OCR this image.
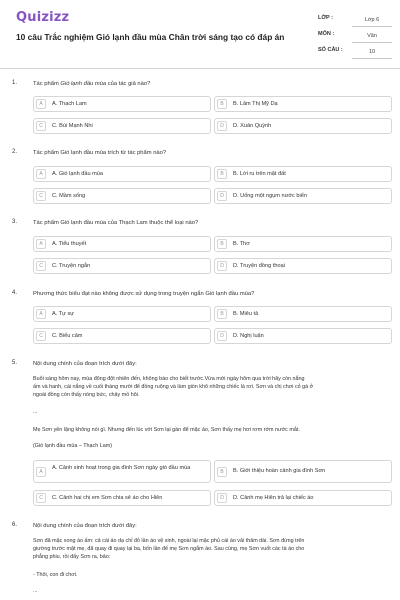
Quizizz
10 câu Trắc nghiệm Gió lạnh đầu mùa Chân trời sáng tạo có đáp án
LỚP :	Lớp 6
MÔN :	Văn
SỐ CÂU :	10
1.	Tác phẩm Gió lạnh đầu mùa của tác giả nào?
A	A. Thạch Lam	B	B. Lâm Thị Mỹ Dạ
C	C. Bùi Mạnh Nhi	D	D. Xuân Quỳnh
2.	Tác phẩm Gió lạnh đầu mùa trích từ tác phẩm nào?
A	A. Gió lạnh đầu mùa	B	B. Lời ru trên mặt đất
C	C. Mầm sống	D	D. Uống một ngụm nước biển
3.	Tác phẩm Gió lạnh đầu mùa của Thạch Lam thuộc thể loại nào?
A	A. Tiểu thuyết	B	B. Thơ
C	C. Truyện ngắn	D	D. Truyện đồng thoại
4.	Phương thức biểu đạt nào không được sử dụng trong truyện ngắn Gió lạnh đầu mùa?
A	A. Tự sự	B	B. Miêu tả
C	C. Biểu cảm	D	D. Nghị luận
5.	Nội dung chính của đoạn trích dưới đây:
Buổi sáng hôm nay, mùa đông đột nhiên đến, không báo cho biết trước.Vừa mới ngày hôm qua trời hãy còn nắng
ấm và hanh, cái nắng về cuối tháng mười để đồng ruộng và làm giòn khô những chiếc lá rơi. Sơn và chị chơi cỏ gà ở
ngoài đồng còn thấy nóng bức, chảy mồ hôi.
...
Mẹ Sơn yên lặng không nói gì. Nhưng đến lúc với Sơn lại gần để mặc áo, Sơn thấy mẹ hơi rơm rớm nước mắt.
(Gió lạnh đầu mùa – Thạch Lam)
A
A. Cảnh sinh hoạt trong gia đình Sơn ngày gió đầu mùa
B	B. Giới thiệu hoàn cảnh gia đình Sơn
C	C. Cảnh hai chị em Sơn chia sẻ áo cho Hiên	D	D. Cảnh mẹ Hiên trả lại chiếc áo
6.	Nội dung chính của đoạn trích dưới đây:
Sơn đã mặc xong áo ấm: cả cái áo dạ chỉ đỏ lần áo vệ sinh, ngoài lại mặc phủ cái áo vải thâm dài. Sơn đứng trên
giường trước mặt mẹ, đã quay đi quay lại ba, bốn lần để mẹ Sơn ngắm áo. Sau cùng, mẹ Sơn vuốt các tà áo cho
phẳng phiu, rồi đẩy Sơn ra, bảo:
- Thôi, con đi chơi.
...
